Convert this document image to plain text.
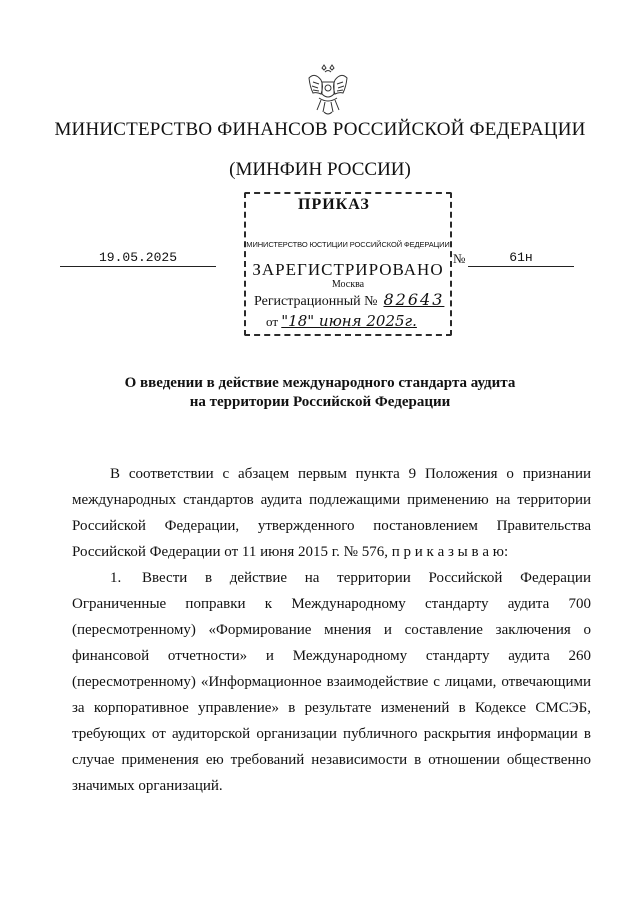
МИНИСТЕРСТВО ФИНАНСОВ РОССИЙСКОЙ ФЕДЕРАЦИИ
(МИНФИН РОССИИ)
МИНИСТЕРСТВО ЮСТИЦИИ РОССИЙСКОЙ ФЕДЕРАЦИИ
ЗАРЕГИСТРИРОВАНО
Москва
Регистрационный № 82643
от "18" июня 2025г.
ПРИКАЗ
19.05.2025	№	61н
О введении в действие международного стандарта аудита
на территории Российской Федерации

В соответствии с абзацем первым пункта 9 Положения о признании международных стандартов аудита подлежащими применению на территории Российской Федерации, утвержденного постановлением Правительства Российской Федерации от 11 июня 2015 г. № 576, п р и к а з ы в а ю:

1. Ввести в действие на территории Российской Федерации Ограниченные поправки к Международному стандарту аудита 700 (пересмотренному) «Формирование мнения и составление заключения о финансовой отчетности» и Международному стандарту аудита 260 (пересмотренному) «Информационное взаимодействие с лицами, отвечающими за корпоративное управление» в результате изменений в Кодексе СМСЭБ, требующих от аудиторской организации публичного раскрытия информации в случае применения ею требований независимости в отношении общественно значимых организаций.
